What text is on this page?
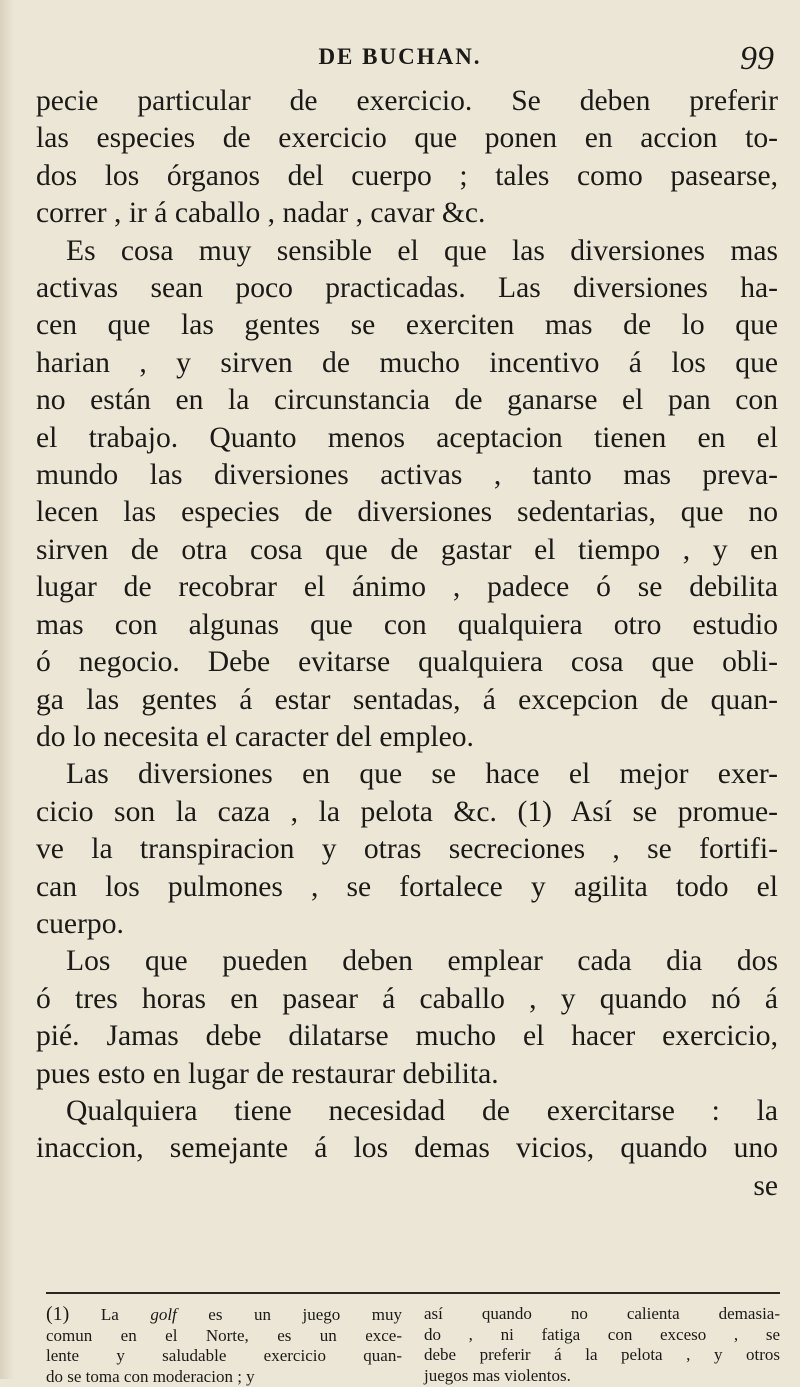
DE BUCHAN.	99

pecie particular de exercicio. Se deben preferir
las especies de exercicio que ponen en accion to-
dos los órganos del cuerpo ; tales como pasearse,
correr , ir á caballo , nadar , cavar &c.

Es cosa muy sensible el que las diversiones mas
activas sean poco practicadas. Las diversiones ha-
cen que las gentes se exerciten mas de lo que
harian , y sirven de mucho incentivo á los que
no están en la circunstancia de ganarse el pan con
el trabajo. Quanto menos aceptacion tienen en el
mundo las diversiones activas , tanto mas preva-
lecen las especies de diversiones sedentarias, que no
sirven de otra cosa que de gastar el tiempo , y en
lugar de recobrar el ánimo , padece ó se debilita
mas con algunas que con qualquiera otro estudio
ó negocio. Debe evitarse qualquiera cosa que obli-
ga las gentes á estar sentadas, á excepcion de quan-
do lo necesita el caracter del empleo.

Las diversiones en que se hace el mejor exer-
cicio son la caza , la pelota &c. (1) Así se promue-
ve la transpiracion y otras secreciones , se fortifi-
can los pulmones , se fortalece y agilita todo el
cuerpo.

Los que pueden deben emplear cada dia dos
ó tres horas en pasear á caballo , y quando nó á
pié. Jamas debe dilatarse mucho el hacer exercicio,
pues esto en lugar de restaurar debilita.

Qualquiera tiene necesidad de exercitarse : la
inaccion, semejante á los demas vicios, quando uno
se

(1) La golf es un juego muy
comun en el Norte, es un exce-
lente y saludable exercicio quan-
do se toma con moderacion ; y
así quando no calienta demasia-
do , ni fatiga con exceso , se
debe preferir á la pelota , y otros
juegos mas violentos.
